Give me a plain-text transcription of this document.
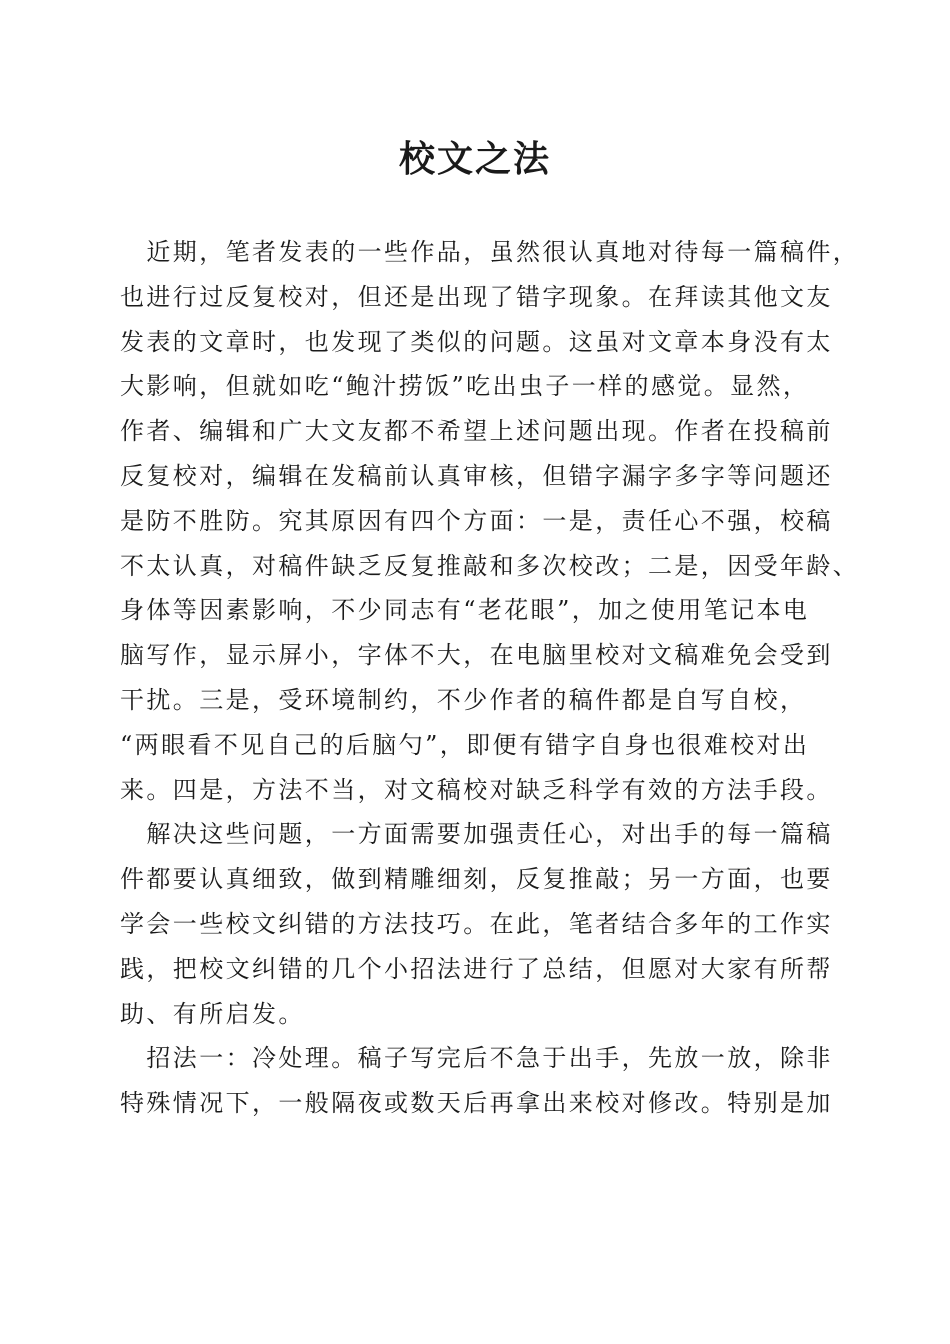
校文之法
　近期，笔者发表的一些作品，虽然很认真地对待每一篇稿件，
也进行过反复校对，但还是出现了错字现象。在拜读其他文友
发表的文章时，也发现了类似的问题。这虽对文章本身没有太
大影响，但就如吃“鲍汁捞饭”吃出虫子一样的感觉。显然，
作者、编辑和广大文友都不希望上述问题出现。作者在投稿前
反复校对，编辑在发稿前认真审核，但错字漏字多字等问题还
是防不胜防。究其原因有四个方面：一是，责任心不强，校稿
不太认真，对稿件缺乏反复推敲和多次校改；二是，因受年龄、
身体等因素影响，不少同志有“老花眼”，加之使用笔记本电
脑写作，显示屏小，字体不大，在电脑里校对文稿难免会受到
干扰。三是，受环境制约，不少作者的稿件都是自写自校，
“两眼看不见自己的后脑勺”，即便有错字自身也很难校对出
来。四是，方法不当，对文稿校对缺乏科学有效的方法手段。
　解决这些问题，一方面需要加强责任心，对出手的每一篇稿
件都要认真细致，做到精雕细刻，反复推敲；另一方面，也要
学会一些校文纠错的方法技巧。在此，笔者结合多年的工作实
践，把校文纠错的几个小招法进行了总结，但愿对大家有所帮
助、有所启发。
　招法一：冷处理。稿子写完后不急于出手，先放一放，除非
特殊情况下，一般隔夜或数天后再拿出来校对修改。特别是加
